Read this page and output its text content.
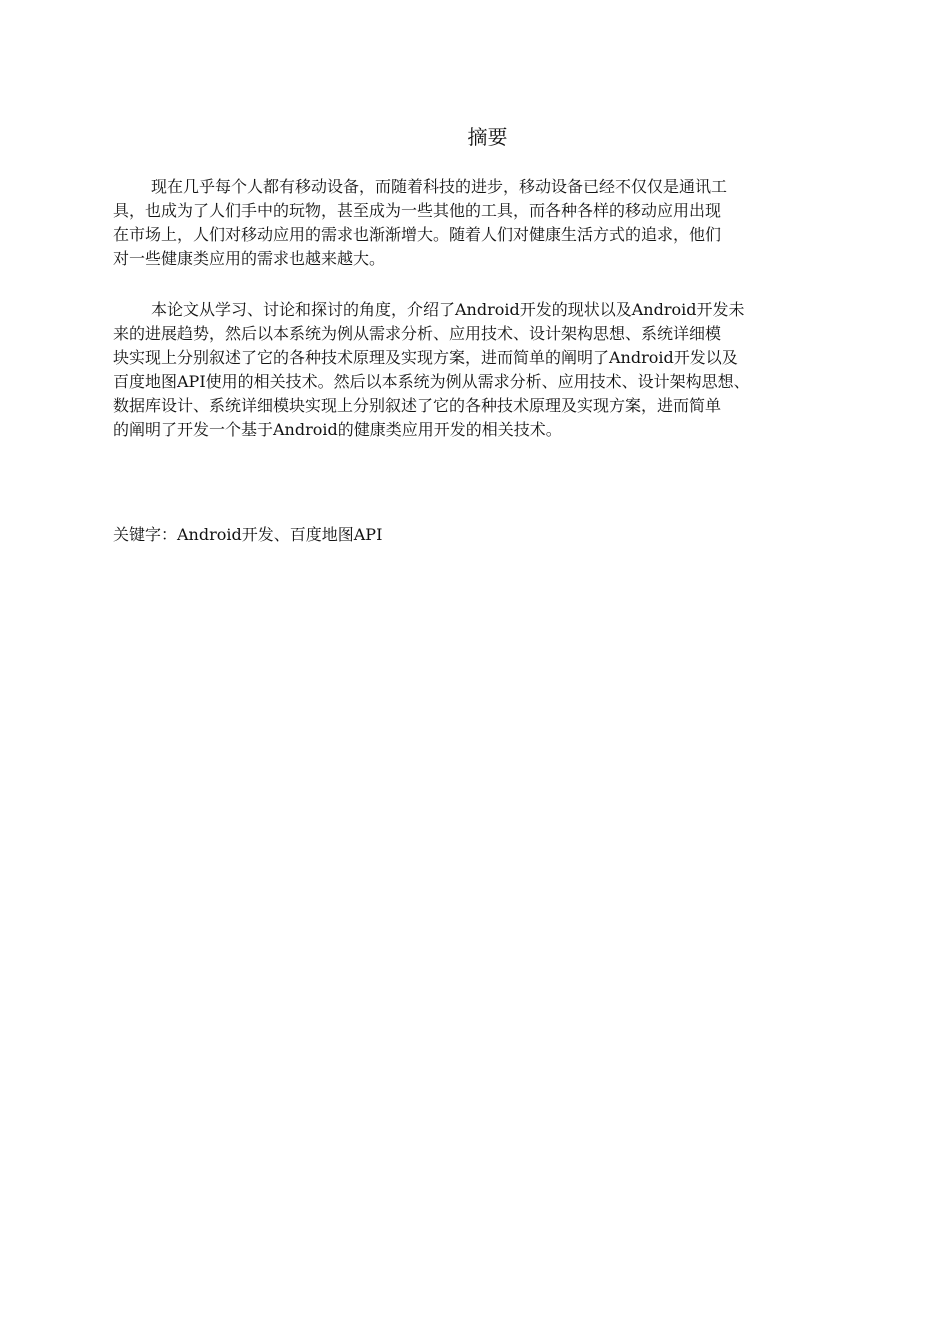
摘要

现在几乎每个人都有移动设备，而随着科技的进步，移动设备已经不仅仅是通讯工
具，也成为了人们手中的玩物，甚至成为一些其他的工具，而各种各样的移动应用出现
在市场上，人们对移动应用的需求也渐渐增大。随着人们对健康生活方式的追求，他们
对一些健康类应用的需求也越来越大。

本论文从学习、讨论和探讨的角度，介绍了Android开发的现状以及Android开发未
来的进展趋势，然后以本系统为例从需求分析、应用技术、设计架构思想、系统详细模
块实现上分别叙述了它的各种技术原理及实现方案，进而简单的阐明了Android开发以及
百度地图API使用的相关技术。然后以本系统为例从需求分析、应用技术、设计架构思想、
数据库设计、系统详细模块实现上分别叙述了它的各种技术原理及实现方案，进而简单
的阐明了开发一个基于Android的健康类应用开发的相关技术。

关键字：Android开发、百度地图API
